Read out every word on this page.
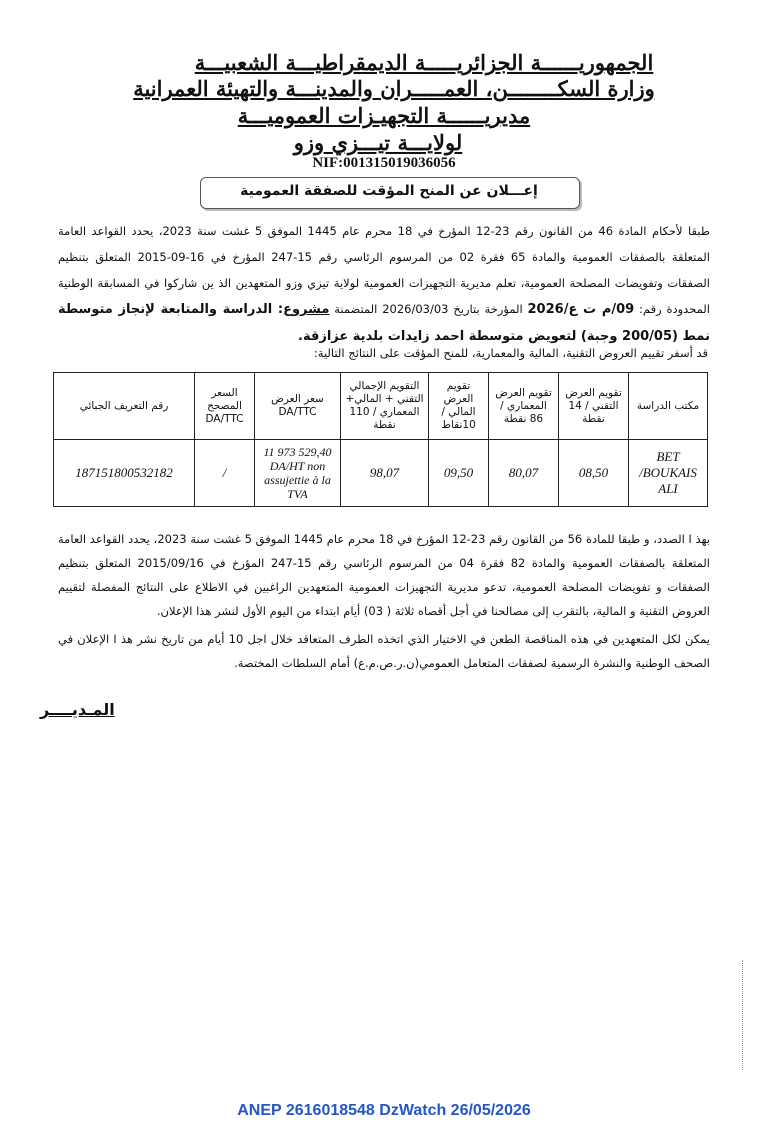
الجمهوريــــــة الجزائريـــــة الديمقراطيـــة الشعبيـــة
وزارة السكــــــــن، العمـــــران والمدينـــة والتهيئة العمرانية
مديريــــــة التجهيـزات العموميـــة
لولايـــة تيـــزي وزو
NIF:001315019036056
إعـــلان عن المنح المؤقت للصفقة العمومية
طبقا لأحكام المادة 46 من القانون رقم 23-12 المؤرخ في 18 محرم عام 1445 الموفق 5 غشت سنة 2023، يحدد القواعد العامة المتعلقة بالصفقات العمومية والمادة 65 فقرة 02 من المرسوم الرئاسي رقم 15-247 المؤرخ في 16-09-2015 المتعلق بتنظيم الصفقات وتفويضات المصلحة العمومية، تعلم مديرية التجهيزات العمومية لولاية تيزي وزو المتعهدين الذ ين شاركوا في المسابقة الوطنية المحدودة رقم: 09/م ت ع/2026 المؤرخة بتاريخ 2026/03/03 المتضمنة مشروع: الدراسة والمتابعة لإنجاز متوسطة نمط (200/05 وجبة) لتعويض متوسطة احمد زايدات بلدية عزازقة.
قد أسفر تقييم العروض التقنية، المالية والمعمارية، للمنح المؤقت على النتائج التالية:
مكتب الدراسة	تقويم العرض التقني / 14 نقطة	تقويم العرض المعماري / 86 نقطة	تقويم العرض المالي / 10نقاط	التقويم الإجمالي التقني + المالي+ المعماري / 110 نقطة	سعر العرض DA/TTC	السعر المصحح DA/TTC	رقم التعريف الجبائي
BET /BOUKAIS ALI	08,50	80,07	09,50	98,07	11 973 529,40 DA/HT non assujettie à la TVA	/	187151800532182
بهذ ا الصدد، و طبقا للمادة 56 من القانون رقم 23-12 المؤرخ في 18 محرم عام 1445 الموفق 5 غشت سنة 2023، يحدد القواعد العامة المتعلقة بالصفقات العمومية والمادة 82 فقرة 04 من المرسوم الرئاسي رقم 15-247 المؤرخ في 2015/09/16 المتعلق بتنظيم الصفقات و تفويضات المصلحة العمومية، تدعو مديرية التجهيزات العمومية المتعهدين الراغبين في الاطلاع على النتائج المفصلة لتقييم العروض التقنية و المالية، بالتقرب إلى مصالحنا في أجل أقصاه ثلاثة ( 03) أيام ابتداء من اليوم الأول لنشر هذا الإعلان.
يمكن لكل المتعهدين في هذه المناقصة الطعن في الاختيار الذي اتخذه الطرف المتعاقد خلال اجل 10 أيام من تاريخ نشر هذ ا الإعلان في الصحف الوطنية والنشرة الرسمية لصفقات المتعامل العمومي(ن.ر.ص.م.ع) أمام السلطات المختصة.
المـديــــر
ANEP 2616018548 DzWatch 26/05/2026
